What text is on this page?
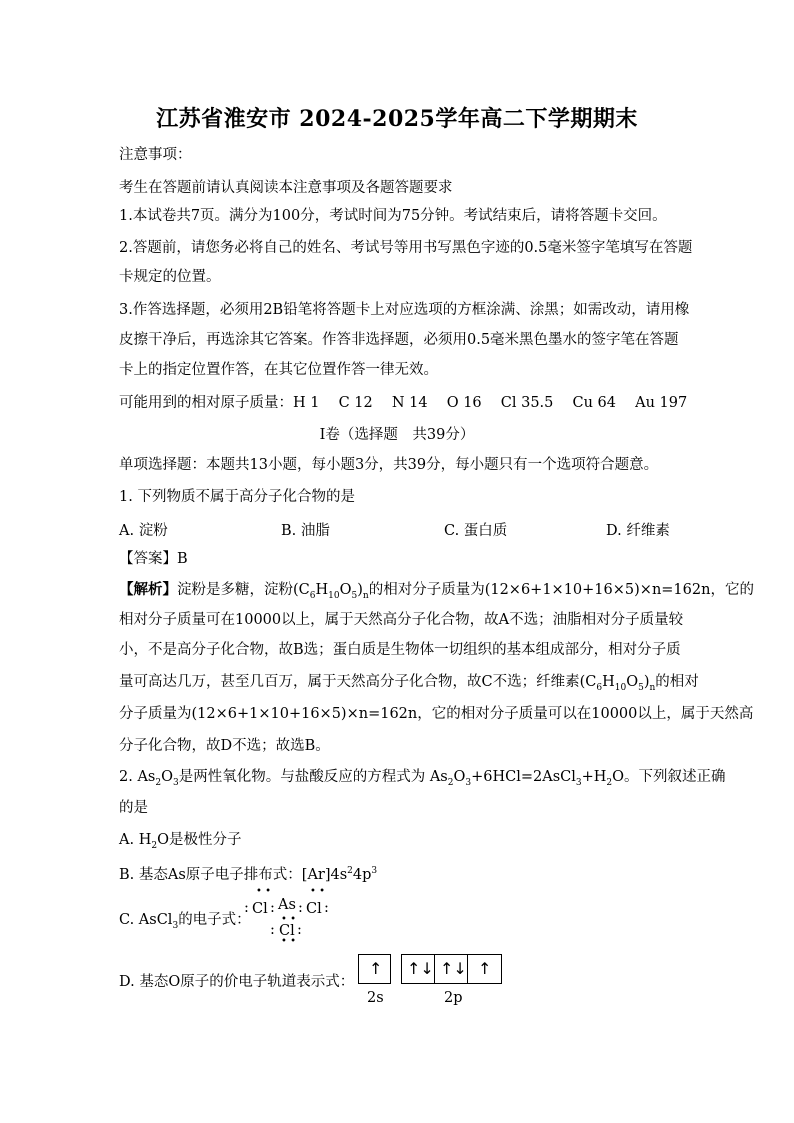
江苏省淮安市 2024-2025学年高二下学期期末
注意事项：
考生在答题前请认真阅读本注意事项及各题答题要求
1.本试卷共7页。满分为100分，考试时间为75分钟。考试结束后，请将答题卡交回。
2.答题前，请您务必将自己的姓名、考试号等用书写黑色字迹的0.5毫米签字笔填写在答题
卡规定的位置。
3.作答选择题，必须用2B铅笔将答题卡上对应选项的方框涂满、涂黑；如需改动，请用橡
皮擦干净后，再选涂其它答案。作答非选择题，必须用0.5毫米黑色墨水的签字笔在答题
卡上的指定位置作答，在其它位置作答一律无效。
可能用到的相对原子质量：H 1　 C 12　 N 14　 O 16　 Cl 35.5　 Cu 64　 Au 197
I卷（选择题　共39分）
单项选择题：本题共13小题，每小题3分，共39分，每小题只有一个选项符合题意。
1. 下列物质不属于高分子化合物的是
A. 淀粉	B. 油脂	C. 蛋白质	D. 纤维素
【答案】B
【解析】淀粉是多糖，淀粉$(C_6H_{10}O_5)_n$的相对分子质量为(12×6+1×10+16×5)×n=162n，它的
相对分子质量可在10000以上，属于天然高分子化合物，故A不选；油脂相对分子质量较
小，不是高分子化合物，故B选；蛋白质是生物体一切组织的基本组成部分，相对分子质
量可高达几万，甚至几百万，属于天然高分子化合物，故C不选；纤维素$(C_6H_{10}O_5)_n$的相对
分子质量为(12×6+1×10+16×5)×n=162n，它的相对分子质量可以在10000以上，属于天然高
分子化合物，故D不选；故选B。
2. $As_2O_3$是两性氧化物。与盐酸反应的方程式为 $As_2O_3+6HCl=2AsCl_3+H_2O$。下列叙述正确
的是
A. $H_2O$是极性分子
B. 基态As原子电子排布式：$[Ar]4s^24p^3$
C. AsCl$_3$的电子式：
• •	• •
: Cl : As : Cl :
• •
: Cl :
• •
D. 基态O原子的价电子轨道表示式：
↑ ↑↓ ↑↓ ↑
2s	2p
